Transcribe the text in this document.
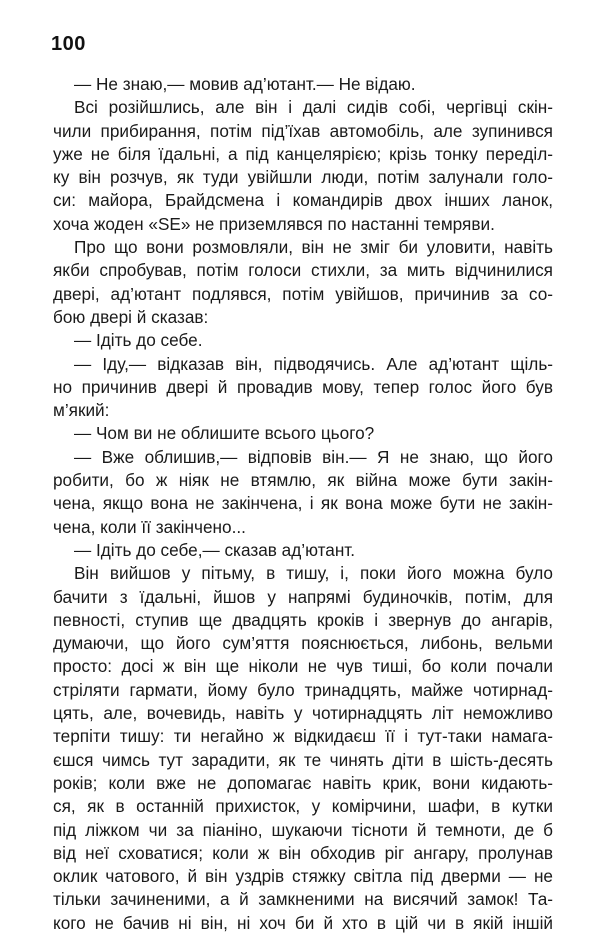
100
— Не знаю,— мовив ад’ютант.— Не відаю.
Всі розійшлись, але він і далі сидів собі, чергівці скін-
чили прибирання, потім під’їхав автомобіль, але зупинився
уже не біля їдальні, а під канцелярією; крізь тонку переділ-
ку він розчув, як туди увійшли люди, потім залунали голо-
си: майора, Брайдсмена і командирів двох інших ланок,
хоча жоден «SE» не приземлявся по настанні темряви.
Про що вони розмовляли, він не зміг би уловити, навіть
якби спробував, потім голоси стихли, за мить відчинилися
двері, ад’ютант подлявся, потім увійшов, причинив за со-
бою двері й сказав:
— Ідіть до себе.
— Іду,— відказав він, підводячись. Але ад’ютант щіль-
но причинив двері й провадив мову, тепер голос його був
м’який:
— Чом ви не облишите всього цього?
— Вже облишив,— відповів він.— Я не знаю, що його
робити, бо ж ніяк не втямлю, як війна може бути закін-
чена, якщо вона не закінчена, і як вона може бути не закін-
чена, коли її закінчено...
— Ідіть до себе,— сказав ад’ютант.
Він вийшов у пітьму, в тишу, і, поки його можна було
бачити з їдальні, йшов у напрямі будиночків, потім, для
певності, ступив ще двадцять кроків і звернув до ангарів,
думаючи, що його сум’яття пояснюється, либонь, вельми
просто: досі ж він ще ніколи не чув тиші, бо коли почали
стріляти гармати, йому було тринадцять, майже чотирнад-
цять, але, вочевидь, навіть у чотирнадцять літ неможливо
терпіти тишу: ти негайно ж відкидаєш її і тут-таки намага-
єшся чимсь тут зарадити, як те чинять діти в шість-десять
років; коли вже не допомагає навіть крик, вони кидають-
ся, як в останній прихисток, у комірчини, шафи, в кутки
під ліжком чи за піаніно, шукаючи тісноти й темноти, де б
від неї сховатися; коли ж він обходив ріг ангару, пролунав
оклик чатового, й він уздрів стяжку світла під дверми — не
тільки зачиненими, а й замкненими на висячий замок! Та-
кого не бачив ні він, ні хоч би й хто в цій чи в якій іншій
